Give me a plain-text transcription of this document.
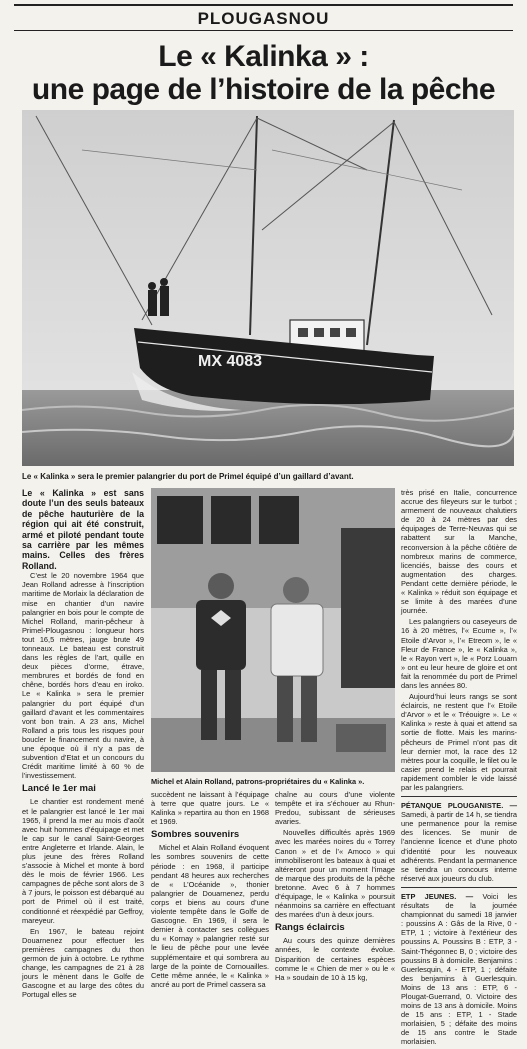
PLOUGASNOU
Le « Kalinka » :
une page de l’histoire de la pêche
MX 4083
Le « Kalinka » sera le premier palangrier du port de Primel équipé d’un gaillard d’avant.
Le « Kalinka » est sans doute l’un des seuls bateaux de pêche hauturière de la région qui ait été construit, armé et piloté pendant toute sa carrière par les mêmes mains. Celles des frères Rolland.

C’est le 20 novembre 1964 que Jean Rolland adresse à l’inscription maritime de Morlaix la déclaration de mise en chantier d’un navire palangrier en bois pour le compte de Michel Rolland, marin-pêcheur à Primel-Plougasnou : longueur hors tout 16,5 mètres, jauge brute 49 tonneaux. Le bateau est construit dans les règles de l’art, quille en deux pièces d’orme, étrave, membrures et bordés de fond en chêne, bordés hors d’eau en iroko. Le « Kalinka » sera le premier palangrier du port équipé d’un gaillard d’avant et les commentaires vont bon train. A 23 ans, Michel Rolland a pris tous les risques pour boucler le financement du navire, à une époque où il n’y a pas de subvention d’Etat et un concours du Crédit maritime limité à 60 % de l’investissement.

Lancé le 1er mai

Le chantier est rondement mené et le palangrier est lancé le 1er mai 1965, il prend la mer au mois d’août avec huit hommes d’équipage et met le cap sur le canal Saint-Georges entre Angleterre et Irlande. Alain, le plus jeune des frères Rolland s’associe à Michel et monte à bord dès le mois de février 1966. Les campagnes de pêche sont alors de 3 à 7 jours, le poisson est débarqué au port de Primel où il est traité, conditionné et réexpédié par Geffroy, mareyeur.

En 1967, le bateau rejoint Douarnenez pour effectuer les premières campagnes du thon germon de juin à octobre. Le rythme change, les campagnes de 21 à 28 jours le mènent dans le Golfe de Gascogne et au large des côtes du Portugal elles se

Michel et Alain Rolland, patrons-propriétaires du « Kalinka ».

succèdent ne laissant à l’équipage à terre que quatre jours. Le « Kalinka » repartira au thon en 1968 et 1969.

Sombres souvenirs

Michel et Alain Rolland évoquent les sombres souvenirs de cette période : en 1968, il participe pendant 48 heures aux recherches de « L’Océanide », thonier palangrier de Douarnenez, perdu corps et biens au cours d’une violente tempête dans le Golfe de Gascogne. En 1969, il sera le dernier à contacter ses collègues du « Kornay » palangrier resté sur le lieu de pêche pour une levée supplémentaire et qui sombrera au large de la pointe de Cornouailles. Cette même année, le « Kalinka » ancré au port de Primel cassera sa

chaîne au cours d’une violente tempête et ira s’échouer au Rhun-Predou, subissant de sérieuses avaries.

Nouvelles difficultés après 1969 avec les marées noires du « Torrey Canon » et de l’« Amoco » qui immobiliseront les bateaux à quai et altéreront pour un moment l’image de marque des produits de la pêche bretonne. Avec 6 à 7 hommes d’équipage, le « Kalinka » poursuit néanmoins sa carrière en effectuant des marées d’un à deux jours.

Rangs éclaircis

Au cours des quinze dernières années, le contexte évolue. Disparition de certaines espèces comme le « Chien de mer » ou le « Ha » soudain de 10 à 15 kg,

très prisé en Italie, concurrence accrue des fileyeurs sur le turbot ; armement de nouveaux chalutiers de 20 à 24 mètres par des équipages de Terre-Neuvas qui se rabattent sur la Manche, reconversion à la pêche côtière de nombreux marins de commerce, licenciés, baisse des cours et augmentation des charges. Pendant cette dernière période, le « Kalinka » réduit son équipage et se limite à des marées d’une journée.

Les palangriers ou caseyeurs de 16 à 20 mètres, l’« Ecume », l’« Etoile d’Arvor », l’« Etreom », le « Fleur de France », le « Kalinka », le « Rayon vert », le « Porz Louarn » ont eu leur heure de gloire et ont fait la renommée du port de Primel dans les années 80.

Aujourd’hui leurs rangs se sont éclaircis, ne restent que l’« Etoile d’Arvor » et le « Tréouigre ». Le « Kalinka » reste à quai et attend sa sortie de flotte. Mais les marins-pêcheurs de Primel n’ont pas dit leur dernier mot, la race des 12 mètres pour la coquille, le filet ou le casier prend le relais et pourrait rapidement combler le vide laissé par les palangriers.

PÉTANQUE PLOUGANISTE. — Samedi, à partir de 14 h, se tiendra une permanence pour la remise des licences. Se munir de l’ancienne licence et d’une photo d’identité pour les nouveaux adhérents. Pendant la permanence se tiendra un concours interne réservé aux joueurs du club.

ETP JEUNES. — Voici les résultats de la journée championnat du samedi 18 janvier : poussins A : Gâs de la Rive, 0 - ETP, 1 ; victoire à l’extérieur des poussins A. Poussins B : ETP, 3 - Saint-Thégonnec B, 0 ; victoire des poussins B à domicile. Benjamins : Guerlesquin, 4 - ETP, 1 ; défaite des benjamins à Guerlesquin. Moins de 13 ans : ETP, 6 - Plougat-Guerrand, 0. Victoire des moins de 13 ans à domicile. Moins de 15 ans : ETP, 1 - Stade morlaisien, 5 ; défaite des moins de 15 ans contre le Stade morlaisien.
